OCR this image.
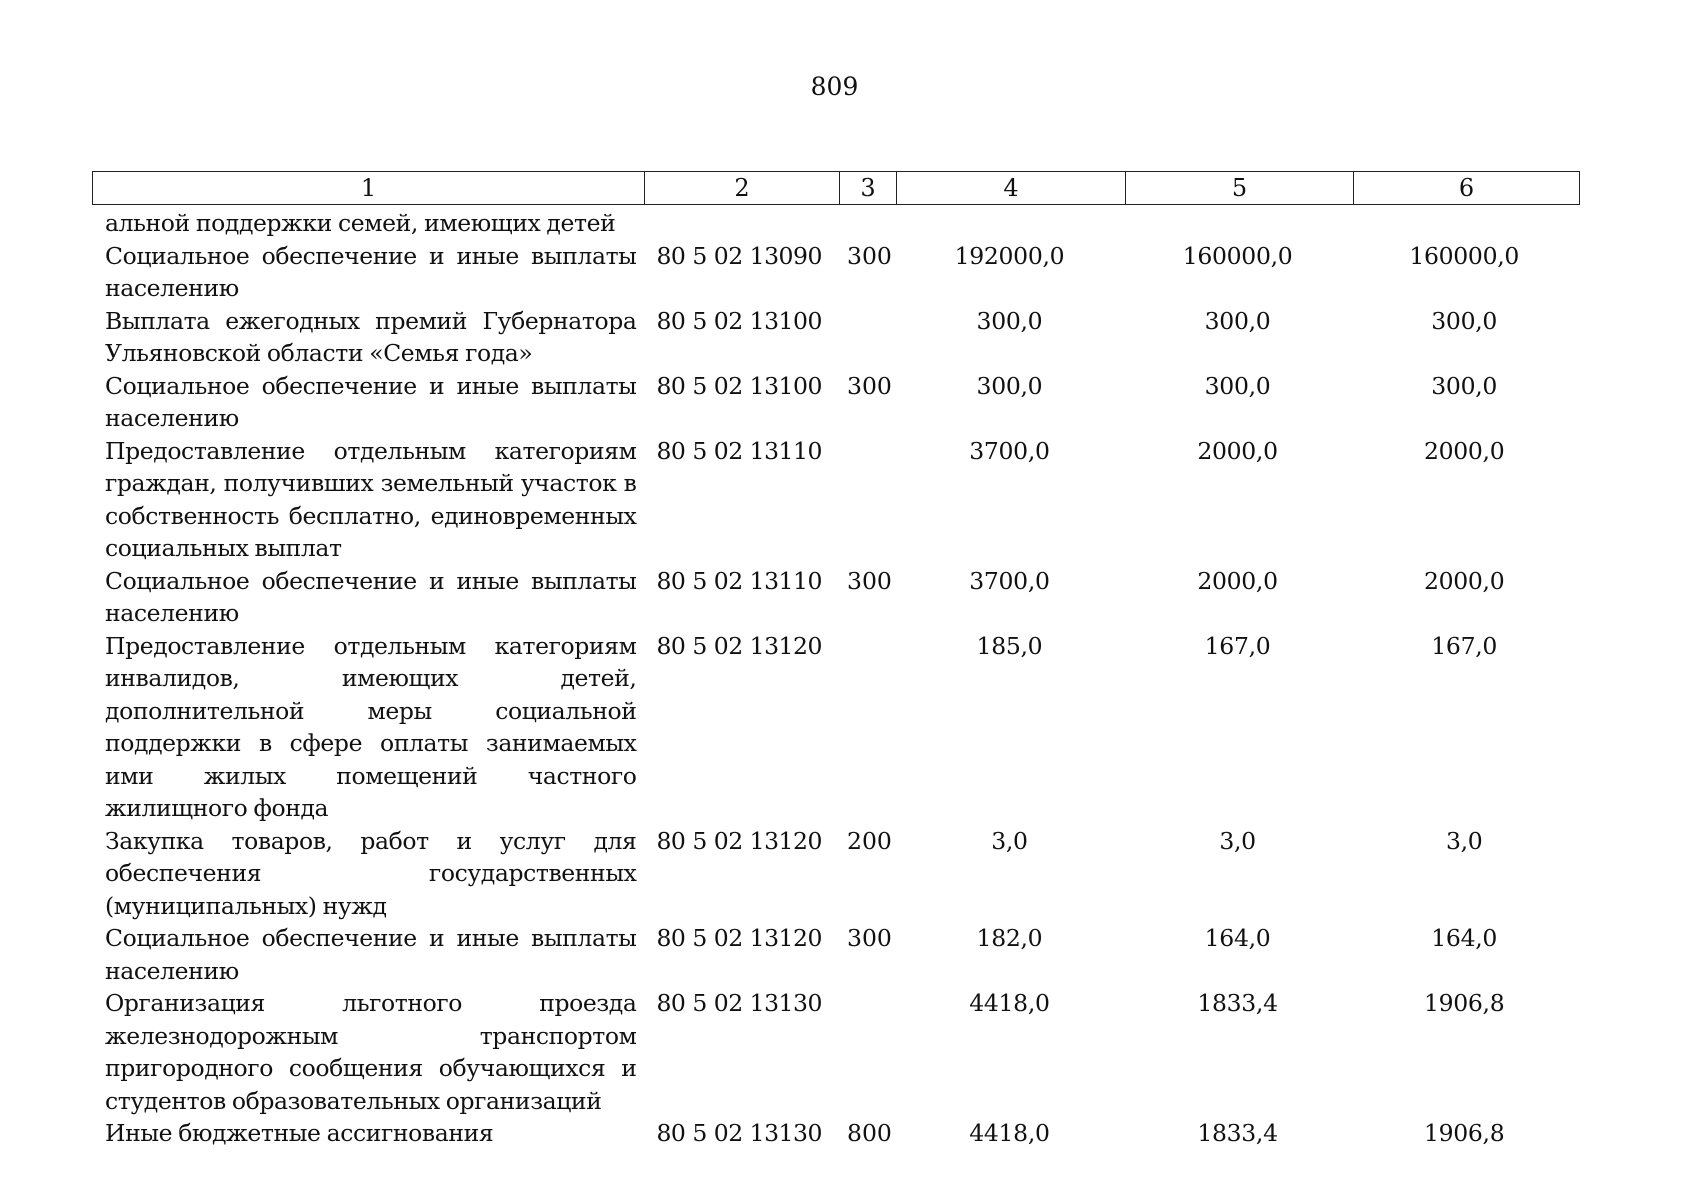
809
1	2	3	4	5	6
альной поддержки семей, имеющих детей					
Социальное обеспечение и иные выплаты населению	80 5 02 13090	300	192000,0	160000,0	160000,0
Выплата ежегодных премий Губернатора Ульяновской области «Семья года»	80 5 02 13100		300,0	300,0	300,0
Социальное обеспечение и иные выплаты населению	80 5 02 13100	300	300,0	300,0	300,0
Предоставление отдельным категориям граждан, получивших земельный участок в собственность бесплатно, единовременных социальных выплат	80 5 02 13110		3700,0	2000,0	2000,0
Социальное обеспечение и иные выплаты населению	80 5 02 13110	300	3700,0	2000,0	2000,0
Предоставление отдельным категориям инвалидов, имеющих детей, дополнительной меры социальной поддержки в сфере оплаты занимаемых ими жилых помещений частного жилищного фонда	80 5 02 13120		185,0	167,0	167,0
Закупка товаров, работ и услуг для обеспечения государственных (муниципальных) нужд	80 5 02 13120	200	3,0	3,0	3,0
Социальное обеспечение и иные выплаты населению	80 5 02 13120	300	182,0	164,0	164,0
Организация льготного проезда железнодорожным транспортом пригородного сообщения обучающихся и студентов образовательных организаций	80 5 02 13130		4418,0	1833,4	1906,8
Иные бюджетные ассигнования	80 5 02 13130	800	4418,0	1833,4	1906,8
